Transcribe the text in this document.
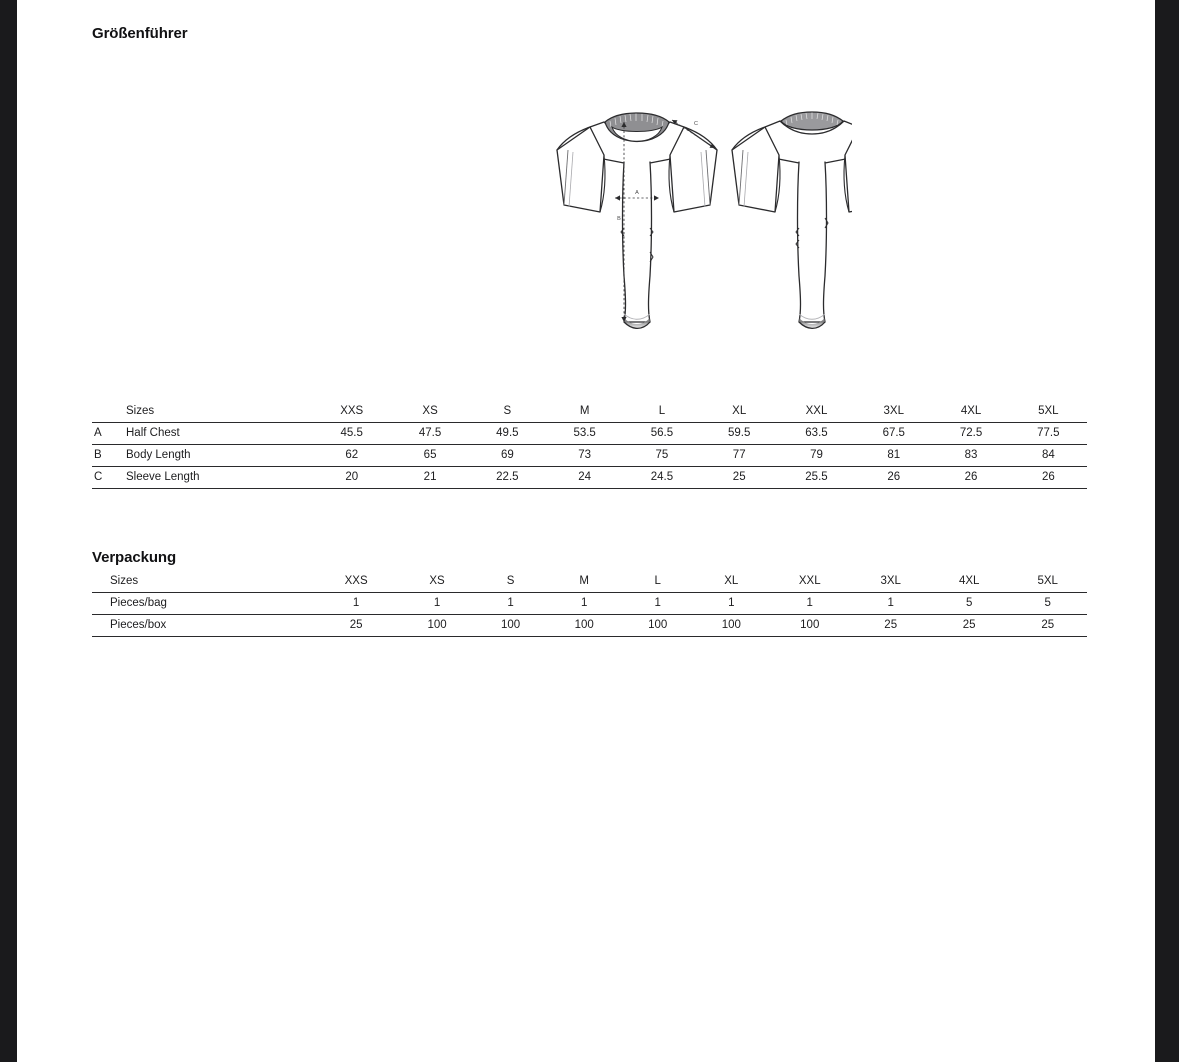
Größenführer
A
B
C
	Sizes	XXS	XS	S	M	L	XL	XXL	3XL	4XL	5XL
A	Half Chest	45.5	47.5	49.5	53.5	56.5	59.5	63.5	67.5	72.5	77.5
B	Body Length	62	65	69	73	75	77	79	81	83	84
C	Sleeve Length	20	21	22.5	24	24.5	25	25.5	26	26	26
Verpackung
Sizes	XXS	XS	S	M	L	XL	XXL	3XL	4XL	5XL
Pieces/bag	1	1	1	1	1	1	1	1	5	5
Pieces/box	25	100	100	100	100	100	100	25	25	25
